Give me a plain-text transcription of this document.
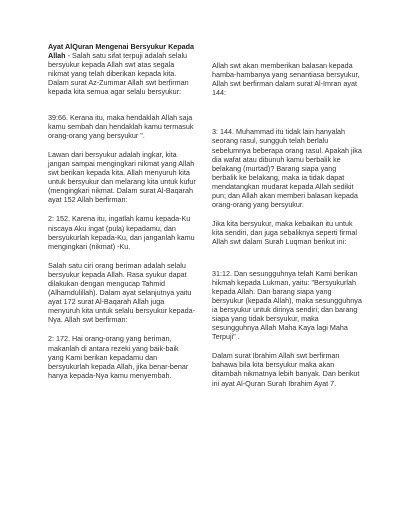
Ayat AlQuran Mengenai Bersyukur Kepada Allah - Salah satu sifat terpuji adalah selalu bersyukur kepada Allah swt atas segala nikmat yang telah diberikan kepada kita. Dalam surat Az-Zummar Allah swt berfirman kepada kita semua agar selalu bersyukur:

39:66. Kerana itu, maka hendaklah Allah saja kamu sembah dan hendaklah kamu termasuk orang-orang yang bersyukur ".

Lawan dari bersyukur adalah ingkar, kita jangan sampai mengingkari nikmat yang Allah swt berikan kepada kita. Allah menyuruh kita untuk bersyukur dan melarang kita untuk kufur (mengingkari nikmat. Dalam surat Al-Baqarah ayat 152 Allah berfirman:

2: 152. Karena itu, ingatlah kamu kepada-Ku niscaya Aku ingat (pula) kepadamu, dan bersyukurlah kepada-Ku, dan janganlah kamu mengingkari (nikmat) -Ku.

Salah satu ciri orang beriman adalah selalu bersyukur kepada Allah. Rasa syukur dapat dilakukan dengan mengucap Tahmid (Alhamdulillah). Dalam ayat selanjutnya yaitu ayat 172 surat Al-Baqarah Allah juga menyuruh kita untuk selalu bersyukur kepada-Nya. Allah swt berfirman:

2: 172. Hai orang-orang yang beriman, makanlah di antara rezeki yang baik-baik yang Kami berikan kepadamu dan bersyukurlah kepada Allah, jika benar-benar hanya kepada-Nya kamu menyembah.

Allah swt akan memberikan balasan kepada hamba-hambanya yang senantiasa bersyukur, Allah swt berfirman dalam surat Al-Imran ayat 144:

3: 144. Muhammad itu tidak lain hanyalah seorang rasul, sungguh telah berlalu sebelumnya beberapa orang rasul. Apakah jika dia wafat atau dibunuh kamu berbalik ke belakang (murtad)? Barang siapa yang berbalik ke belakang, maka ia tidak dapat mendatangkan mudarat kepada Allah sedikit pun; dan Allah akan memberi balasan kepada orang-orang yang bersyukur.

Jika kita bersyukur, maka kebaikan itu untuk kita sendiri, dan juga sebaliknya seperti firmal Allah swt dalam Surah Luqman berikut ini:

31:12. Dan sesungguhnya telah Kami berikan hikmah kepada Lukman, yaitu: "Bersyukurlah kepada Allah. Dan barang siapa yang bersyukur (kepada Allah), maka sesungguhnya ia bersyukur untuk dirinya sendiri; dan barang siapa yang tidak bersyukur, maka sesungguhnya Allah Maha Kaya lagi Maha Terpuji" .

Dalam surat Ibrahim Allah swt berfirman bahawa bila kita bersyukur maka akan ditambah nikmatnya lebih banyak. Dan berikut ini ayat Al-Quran Surah Ibrahim Ayat 7.
